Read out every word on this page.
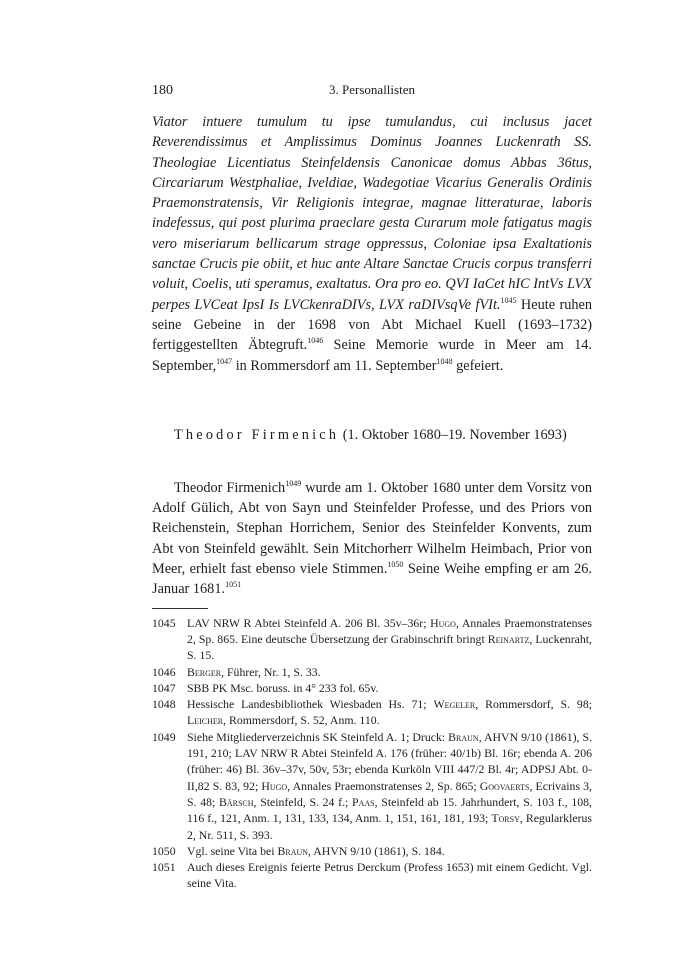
180	3. Personallisten

Viator intuere tumulum tu ipse tumulandus, cui inclusus jacet Reverendissimus et Amplissimus Dominus Joannes Luckenrath SS. Theologiae Licentiatus Steinfeldensis Canonicae domus Abbas 36tus, Circariarum Westphaliae, Iveldiae, Wadegotiae Vicarius Generalis Ordinis Praemonstratensis, Vir Religionis integrae, magnae litteraturae, laboris indefessus, qui post plurima praeclare gesta Curarum mole fatigatus magis vero miseriarum bellicarum strage oppressus, Coloniae ipsa Exaltationis sanctae Crucis pie obiit, et huc ante Altare Sanctae Crucis corpus transferri voluit, Coelis, uti speramus, exaltatus. Ora pro eo. QVI IaCet hIC IntVs LVX perpes LVCeat IpsI Is LVCkenraDIVs, LVX raDIVsqVe fVIt.$^{1045}$ Heute ruhen seine Gebeine in der 1698 von Abt Michael Kuell (1693–1732) fertiggestellten Äbtegruft.$^{1046}$ Seine Memorie wurde in Meer am 14. September,$^{1047}$ in Rommersdorf am 11. September$^{1048}$ gefeiert.

Theodor Firmenich (1. Oktober 1680–19. November 1693)

Theodor Firmenich$^{1049}$ wurde am 1. Oktober 1680 unter dem Vorsitz von Adolf Gülich, Abt von Sayn und Steinfelder Professe, und des Priors von Reichenstein, Stephan Horrichem, Senior des Steinfelder Konvents, zum Abt von Steinfeld gewählt. Sein Mitchorherr Wilhelm Heimbach, Prior von Meer, erhielt fast ebenso viele Stimmen.$^{1050}$ Seine Weihe empfing er am 26. Januar 1681.$^{1051}$

1045 LAV NRW R Abtei Steinfeld A. 206 Bl. 35v–36r; Hugo, Annales Praemonstratenses 2, Sp. 865. Eine deutsche Übersetzung der Grabinschrift bringt Reinartz, Luckenraht, S. 15.
1046 Berger, Führer, Nr. 1, S. 33.
1047 SBB PK Msc. boruss. in 4° 233 fol. 65v.
1048 Hessische Landesbibliothek Wiesbaden Hs. 71; Wegeler, Rommersdorf, S. 98; Leicher, Rommersdorf, S. 52, Anm. 110.
1049 Siehe Mitgliederverzeichnis SK Steinfeld A. 1; Druck: Braun, AHVN 9/10 (1861), S. 191, 210; LAV NRW R Abtei Steinfeld A. 176 (früher: 40/1b) Bl. 16r; ebenda A. 206 (früher: 46) Bl. 36v–37v, 50v, 53r; ebenda Kurköln VIII 447/2 Bl. 4r; ADPSJ Abt. 0-II,82 S. 83, 92; Hugo, Annales Praemonstratenses 2, Sp. 865; Goovaerts, Ecrivains 3, S. 48; Bärsch, Steinfeld, S. 24 f.; Paas, Steinfeld ab 15. Jahrhundert, S. 103 f., 108, 116 f., 121, Anm. 1, 131, 133, 134, Anm. 1, 151, 161, 181, 193; Torsy, Regularklerus 2, Nr. 511, S. 393.
1050 Vgl. seine Vita bei Braun, AHVN 9/10 (1861), S. 184.
1051 Auch dieses Ereignis feierte Petrus Derckum (Profess 1653) mit einem Gedicht. Vgl. seine Vita.
